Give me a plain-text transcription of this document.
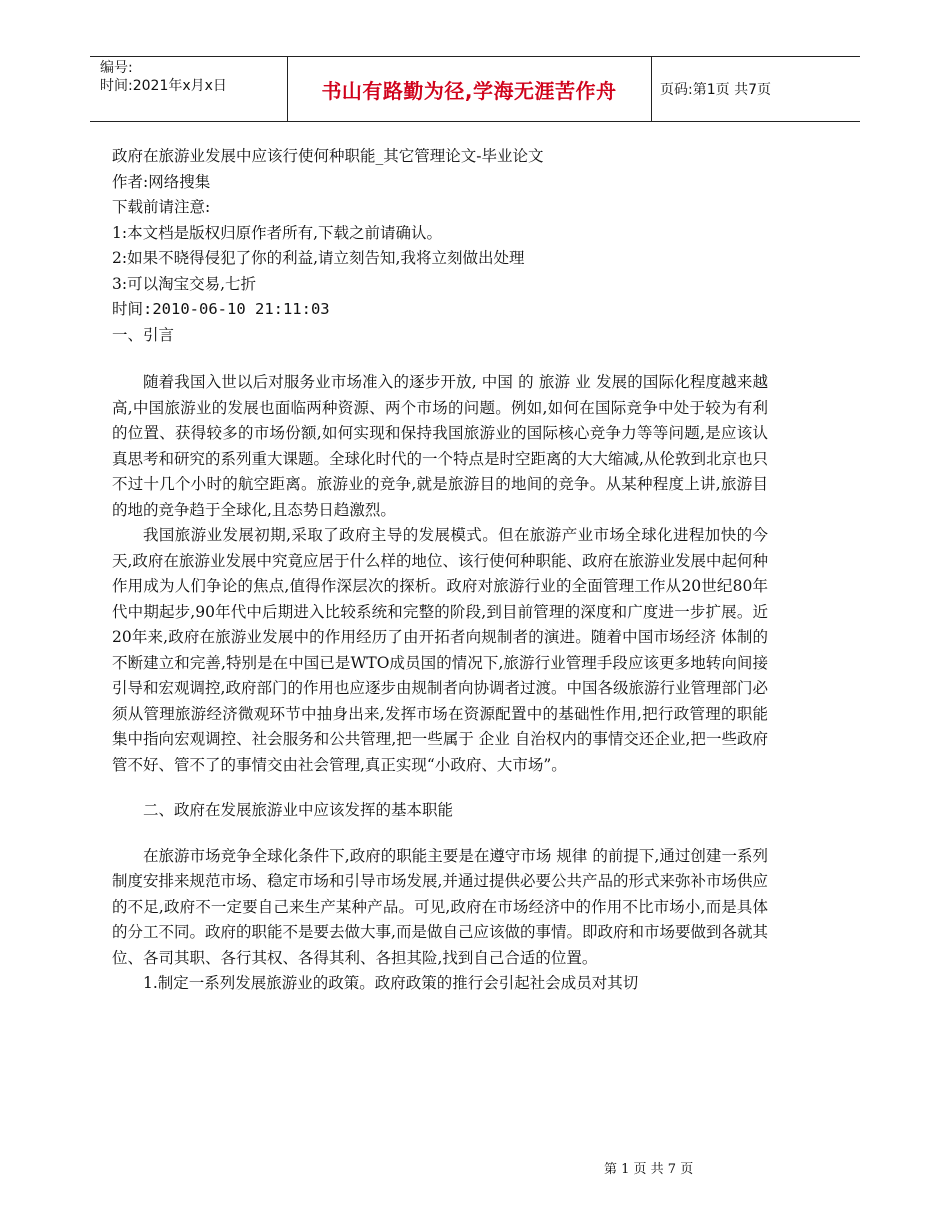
编号:
时间:2021年x月x日	书山有路勤为径,学海无涯苦作舟	页码:第1页 共7页

政府在旅游业发展中应该行使何种职能_其它管理论文-毕业论文

作者:网络搜集

下载前请注意:

1:本文档是版权归原作者所有,下载之前请确认。

2:如果不晓得侵犯了你的利益,请立刻告知,我将立刻做出处理

3:可以淘宝交易,七折

时间:2010-06-10 21:11:03

一、引言

随着我国入世以后对服务业市场准入的逐步开放, 中国 的 旅游 业 发展的国际化程度越来越高,中国旅游业的发展也面临两种资源、两个市场的问题。例如,如何在国际竞争中处于较为有利的位置、获得较多的市场份额,如何实现和保持我国旅游业的国际核心竞争力等等问题,是应该认真思考和研究的系列重大课题。全球化时代的一个特点是时空距离的大大缩减,从伦敦到北京也只不过十几个小时的航空距离。旅游业的竞争,就是旅游目的地间的竞争。从某种程度上讲,旅游目的地的竞争趋于全球化,且态势日趋激烈。

我国旅游业发展初期,采取了政府主导的发展模式。但在旅游产业市场全球化进程加快的今天,政府在旅游业发展中究竟应居于什么样的地位、该行使何种职能、政府在旅游业发展中起何种作用成为人们争论的焦点,值得作深层次的探析。政府对旅游行业的全面管理工作从20世纪80年代中期起步,90年代中后期进入比较系统和完整的阶段,到目前管理的深度和广度进一步扩展。近20年来,政府在旅游业发展中的作用经历了由开拓者向规制者的演进。随着中国市场经济 体制的不断建立和完善,特别是在中国已是WTO成员国的情况下,旅游行业管理手段应该更多地转向间接引导和宏观调控,政府部门的作用也应逐步由规制者向协调者过渡。中国各级旅游行业管理部门必须从管理旅游经济微观环节中抽身出来,发挥市场在资源配置中的基础性作用,把行政管理的职能集中指向宏观调控、社会服务和公共管理,把一些属于 企业 自治权内的事情交还企业,把一些政府管不好、管不了的事情交由社会管理,真正实现“小政府、大市场”。

二、政府在发展旅游业中应该发挥的基本职能

在旅游市场竞争全球化条件下,政府的职能主要是在遵守市场 规律 的前提下,通过创建一系列制度安排来规范市场、稳定市场和引导市场发展,并通过提供必要公共产品的形式来弥补市场供应的不足,政府不一定要自己来生产某种产品。可见,政府在市场经济中的作用不比市场小,而是具体的分工不同。政府的职能不是要去做大事,而是做自己应该做的事情。即政府和市场要做到各就其位、各司其职、各行其权、各得其利、各担其险,找到自己合适的位置。

1.制定一系列发展旅游业的政策。政府政策的推行会引起社会成员对其切

第 1 页 共 7 页
